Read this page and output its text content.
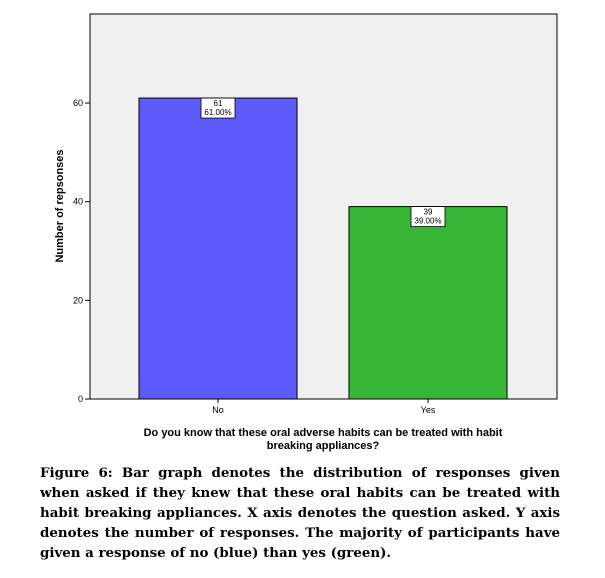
0
20
40
60	61
61.00%
39
39.00%
No	Yes
Number of repsonses
Do you know that these oral adverse habits can be treated with habit
breaking appliances?
Figure 6: Bar graph denotes the distribution of responses given when asked if they knew that these oral habits can be treated with habit breaking appliances. X axis denotes the question asked. Y axis denotes the number of responses. The majority of participants have given a response of no (blue) than yes (green).
